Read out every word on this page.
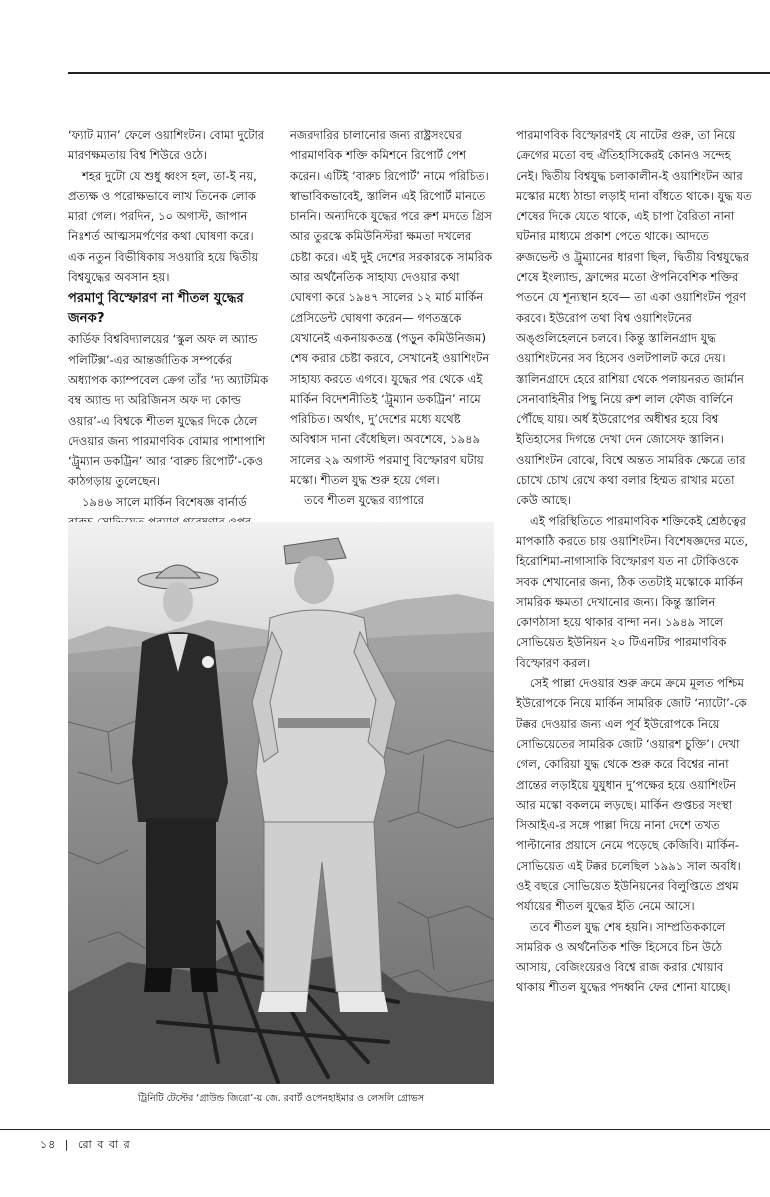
‘ফ্যাট ম্যান’ ফেলে ওয়াশিংটন। বোমা দুটোর মারণক্ষমতায় বিশ্ব শিউরে ওঠে।

শহর দুটো যে শুধু ধ্বংস হল, তা-ই নয়, প্রত্যক্ষ ও পরোক্ষভাবে লাখ তিনেক লোক মারা গেল। পরদিন, ১০ অগাস্ট, জাপান নিঃশর্ত আত্মসমর্পণের কথা ঘোষণা করে। এক নতুন বিভীষিকায় সওয়ারি হয়ে দ্বিতীয় বিশ্বযুদ্ধের অবসান হয়।

পরমাণু বিস্ফোরণ না শীতল যুদ্ধের জনক?

কার্ডিফ বিশ্ববিদ্যালয়ের ‘স্কুল অফ ল অ্যান্ড পলিটিক্স’-এর আন্তর্জাতিক সম্পর্কের অধ্যাপক ক্যাম্পবেল ক্রেগ তাঁর ‘দ্য অ্যাটমিক বম্ব অ্যান্ড দ্য অরিজিনস অফ দ্য কোল্ড ওয়ার’-এ বিশ্বকে শীতল যুদ্ধের দিকে ঠেলে দেওয়ার জন্য পারমাণবিক বোমার পাশাপাশি ‘ট্রুম্যান ডকট্রিন’ আর ‘বারুচ রিপোর্ট’-কেও কাঠগড়ায় তুলেছেন।

১৯৪৬ সালে মার্কিন বিশেষজ্ঞ বার্নার্ড

নজরদারির চালানোর জন্য রাষ্ট্রসংঘের পারমাণবিক শক্তি কমিশনে রিপোর্ট পেশ করেন। এটিই ‘বারুচ রিপোর্ট’ নামে পরিচিত। স্বাভাবিকভাবেই, স্তালিন এই রিপোর্ট মানতে চাননি। অন্যদিকে যুদ্ধের পরে রুশ মদতে গ্রিস আর তুরস্কে কমিউনিস্টরা ক্ষমতা দখলের চেষ্টা করে। এই দুই দেশের সরকারকে সামরিক আর অর্থনৈতিক সাহায্য দেওয়ার কথা ঘোষণা করে ১৯৪৭ সালের ১২ মার্চ মার্কিন প্রেসিডেন্ট ঘোষণা করেন— গণতন্ত্রকে যেখানেই একনায়কতন্ত্র (পড়ুন কমিউনিজম) শেষ করার চেষ্টা করবে, সেখানেই ওয়াশিংটন সাহায্য করতে এগবে। যুদ্ধের পর থেকে এই মার্কিন বিদেশনীতিই ‘ট্রুম্যান ডকট্রিন’ নামে পরিচিত। অর্থাৎ, দু’দেশের মধ্যে যথেষ্ট অবিশ্বাস দানা বেঁধেছিল। অবশেষে, ১৯৪৯ সালের ২৯ অগাস্ট পরমাণু বিস্ফোরণ ঘটায় মস্কো। শীতল যুদ্ধ শুরু হয়ে গেল।

তবে শীতল যুদ্ধের ব্যাপারে

পারমাণবিক বিস্ফোরণই যে নাটের গুরু, তা নিয়ে ক্রেগের মতো বহু ঐতিহাসিকেরই কোনও সন্দেহ নেই। দ্বিতীয় বিশ্বযুদ্ধ চলাকালীন-ই ওয়াশিংটন আর মস্কোর মধ্যে ঠান্ডা লড়াই দানা বাঁধতে থাকে। যুদ্ধ যত শেষের দিকে যেতে থাকে, এই চাপা বৈরিতা নানা ঘটনার মাধ্যমে প্রকাশ পেতে থাকে। আদতে রুজভেল্ট ও ট্রুম্যানের ধারণা ছিল, দ্বিতীয় বিশ্বযুদ্ধের শেষে ইংল্যান্ড, ফ্রান্সের মতো ঔপনিবেশিক শক্তির পতনে যে শূন্যস্থান হবে— তা একা ওয়াশিংটন পূরণ করবে। ইউরোপ তথা বিশ্ব ওয়াশিংটনের অঙ্গুলিহেলনে চলবে। কিন্তু স্তালিনগ্রাদ যুদ্ধ ওয়াশিংটনের সব হিসেব ওলটপালট করে দেয়। স্তালিনগ্রাদে হেরে রাশিয়া থেকে পলায়নরত জার্মান সেনাবাহিনীর পিছু নিয়ে রুশ লাল ফৌজ বার্লিনে পৌঁছে যায়। অর্ধ ইউরোপের অধীশ্বর হয়ে বিশ্ব ইতিহাসের দিগন্তে দেখা দেন জোসেফ স্তালিন। ওয়াশিংটন বোঝে, বিশ্বে অন্তত সামরিক ক্ষেত্রে তার চোখে চোখ রেখে কথা বলার হিম্মত রাখার মতো কেউ আছে।

এই পরিস্থিতিতে পারমাণবিক শক্তিকেই শ্রেষ্ঠত্বের মাপকাঠি করতে চায় ওয়াশিংটন। বিশেষজ্ঞদের মতে, হিরোশিমা-নাগাসাকি বিস্ফোরণ যত না টোকিওকে সবক শেখানোর জন্য, ঠিক ততটাই মস্কোকে মার্কিন সামরিক ক্ষমতা দেখানোর জন্য। কিন্তু স্তালিন কোণঠাসা হয়ে থাকার বান্দা নন। ১৯৪৯ সালে সোভিয়েত ইউনিয়ন ২০ টিএনটির পারমাণবিক বিস্ফোরণ করল।

সেই পাল্লা দেওয়ার শুরু ক্রমে ক্রমে মূলত পশ্চিম ইউরোপকে নিয়ে মার্কিন সামরিক জোট ‘ন্যাটো’-কে টক্কর দেওয়ার জন্য এল পূর্ব ইউরোপকে নিয়ে সোভিয়েতের সামরিক জোট ‘ওয়ারশ চুক্তি’। দেখা গেল, কোরিয়া যুদ্ধ থেকে শুরু করে বিশ্বের নানা প্রান্তের লড়াইয়ে যুযুধান দু’পক্ষের হয়ে ওয়াশিংটন আর মস্কো বকলমে লড়ছে। মার্কিন গুপ্তচর সংস্থা সিআইএ-র সঙ্গে পাল্লা দিয়ে নানা দেশে তখত পাল্টানোর প্রয়াসে নেমে পড়েছে কেজিবি। মার্কিন-সোভিয়েত এই টক্কর চলেছিল ১৯৯১ সাল অবধি। ওই বছরে সোভিয়েত ইউনিয়নের বিলুপ্তিতে প্রথম পর্যায়ের শীতল যুদ্ধের ইতি নেমে আসে।

তবে শীতল যুদ্ধ শেষ হয়নি। সাম্প্রতিককালে সামরিক ও অর্থনৈতিক শক্তি হিসেবে চিন উঠে আসায়, বেজিংয়েরও বিশ্বে রাজ করার খোয়াব থাকায় শীতল যুদ্ধের পদধ্বনি ফের শোনা যাচ্ছে।

ট্রিনিটি টেস্টের ‘গ্রাউন্ড জিরো’-য় জে. রবার্ট ওপেনহাইমার ও লেসলি গ্রোভস
১৪ | রো ব বা র
